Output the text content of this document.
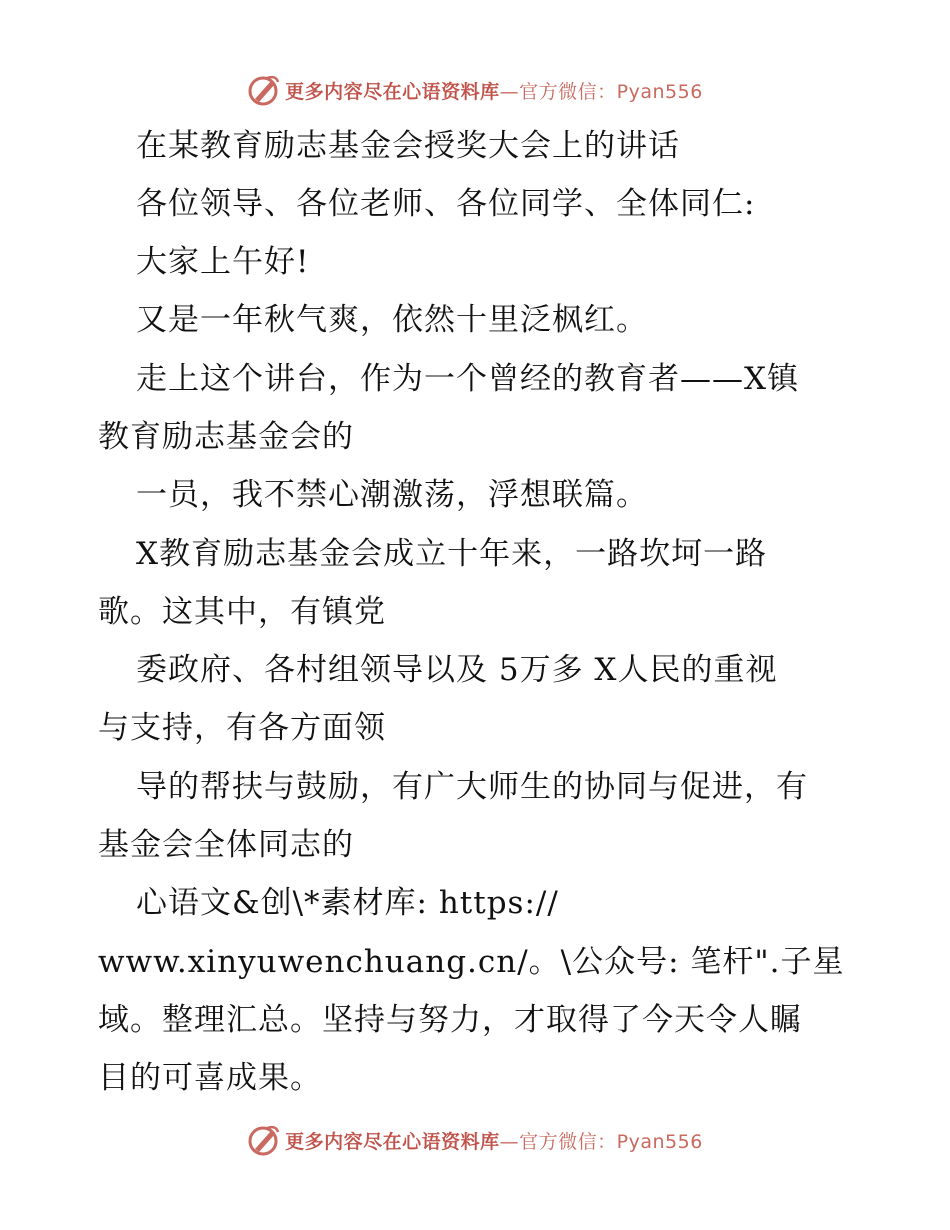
更多内容尽在心语资料库—官方微信：Pyan556
在某教育励志基金会授奖大会上的讲话
各位领导、各位老师、各位同学、全体同仁:
大家上午好!
又是一年秋气爽，依然十里泛枫红。
走上这个讲台，作为一个曾经的教育者——X镇
教育励志基金会的
一员，我不禁心潮激荡，浮想联篇。
X教育励志基金会成立十年来，一路坎坷一路
歌。这其中，有镇党
委政府、各村组领导以及 5万多 X人民的重视
与支持，有各方面领
导的帮扶与鼓励，有广大师生的协同与促进，有
基金会全体同志的
心语文&创\*素材库: https://
www.xinyuwenchuang.cn/。\公众号: 笔杆".子星
域。整理汇总。坚持与努力，才取得了今天令人瞩
目的可喜成果。
更多内容尽在心语资料库—官方微信：Pyan556
